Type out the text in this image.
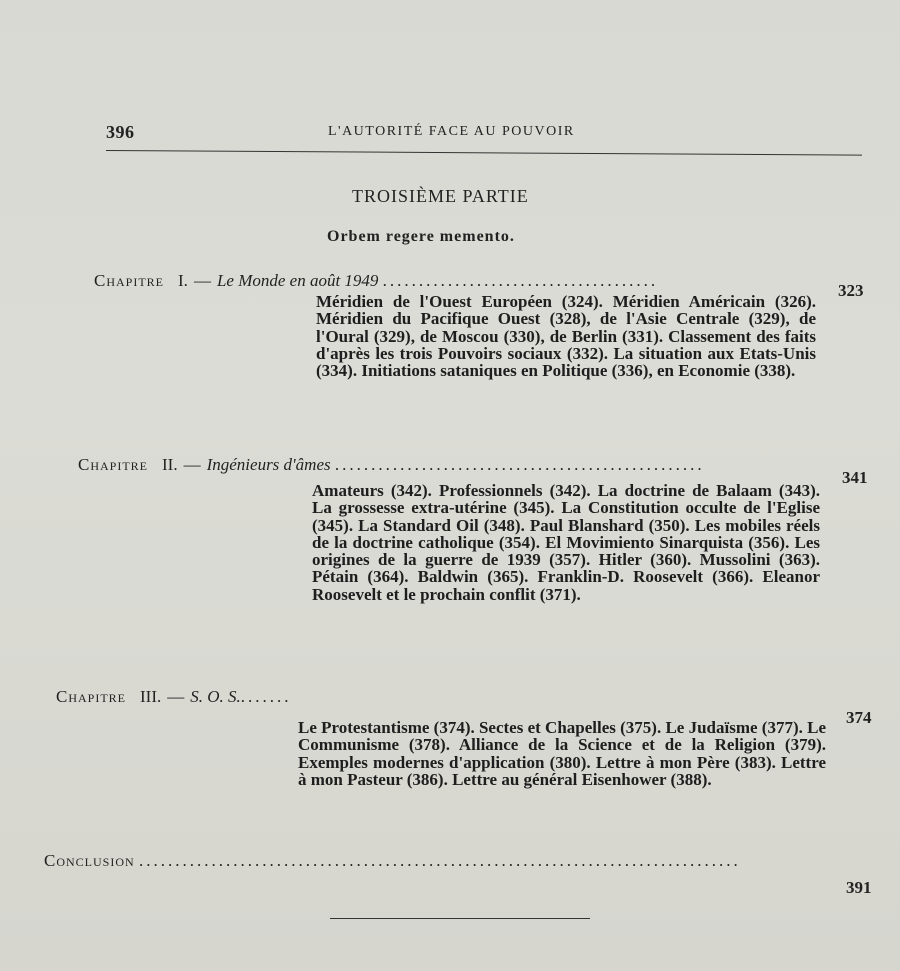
396	L'AUTORITÉ FACE AU POUVOIR
TROISIÈME PARTIE
Orbem regere memento.
Chapitre I. — Le Monde en août 1949 ......................................
323
Méridien de l'Ouest Européen (324). Méridien Américain (326). Méridien du Pacifique Ouest (328), de l'Asie Centrale (329), de l'Oural (329), de Moscou (330), de Berlin (331). Classement des faits d'après les trois Pouvoirs sociaux (332). La situation aux Etats-Unis (334). Initiations sataniques en Politique (336), en Economie (338).
Chapitre II. — Ingénieurs d'âmes ...................................................
341
Amateurs (342). Professionnels (342). La doctrine de Balaam (343). La grossesse extra-utérine (345). La Constitution occulte de l'Eglise (345). La Standard Oil (348). Paul Blanshard (350). Les mobiles réels de la doctrine catholique (354). El Movimiento Sinarquista (356). Les origines de la guerre de 1939 (357). Hitler (360). Mussolini (363). Pétain (364). Baldwin (365). Franklin-D. Roosevelt (366). Eleanor Roosevelt et le prochain conflit (371).
Chapitre III. — S. O. S........
374
Le Protestantisme (374). Sectes et Chapelles (375). Le Judaïsme (377). Le Communisme (378). Alliance de la Science et de la Religion (379). Exemples modernes d'application (380). Lettre à mon Père (383). Lettre à mon Pasteur (386). Lettre au général Eisenhower (388).
Conclusion ...................................................................................
391
